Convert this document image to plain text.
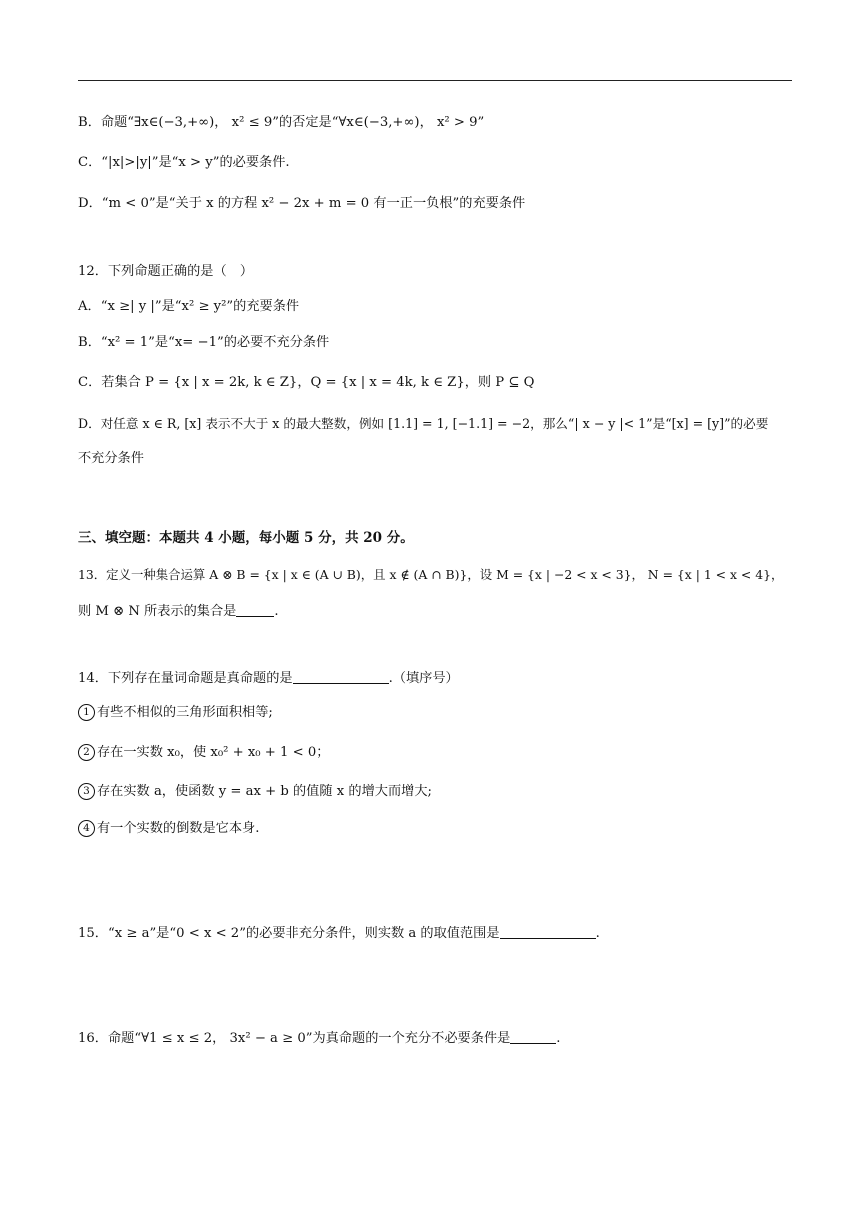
B．命题“∃x∈(−3,+∞)， x² ≤ 9”的否定是“∀x∈(−3,+∞)， x² > 9”
C．“|x|>|y|”是“x > y”的必要条件.
D．“m < 0”是“关于 x 的方程 x² − 2x + m = 0 有一正一负根”的充要条件
12．下列命题正确的是（　）
A．“x ≥| y |”是“x² ≥ y²”的充要条件
B．“x² = 1”是“x= −1”的必要不充分条件
C．若集合 P = {x | x = 2k, k ∈ Z}，Q = {x | x = 4k, k ∈ Z}，则 P ⊆ Q
D．对任意 x ∈ R, [x] 表示不大于 x 的最大整数，例如 [1.1] = 1, [−1.1] = −2，那么“| x − y |< 1”是“[x] = [y]”的必要
不充分条件
三、填空题：本题共 4 小题，每小题 5 分，共 20 分。
13．定义一种集合运算 A ⊗ B = {x | x ∈ (A ∪ B)，且 x ∉ (A ∩ B)}，设 M = {x | −2 < x < 3}， N = {x | 1 < x < 4}，
则 M ⊗ N 所表示的集合是	.
14．下列存在量词命题是真命题的是	.（填序号）
1 有些不相似的三角形面积相等;
2 存在一实数 x₀，使 x₀² + x₀ + 1 < 0；
3 存在实数 a，使函数 y = ax + b 的值随 x 的增大而增大;
4 有一个实数的倒数是它本身.
15．“x ≥ a”是“0 < x < 2”的必要非充分条件，则实数 a 的取值范围是	.
16．命题“∀1 ≤ x ≤ 2， 3x² − a ≥ 0”为真命题的一个充分不必要条件是	.
